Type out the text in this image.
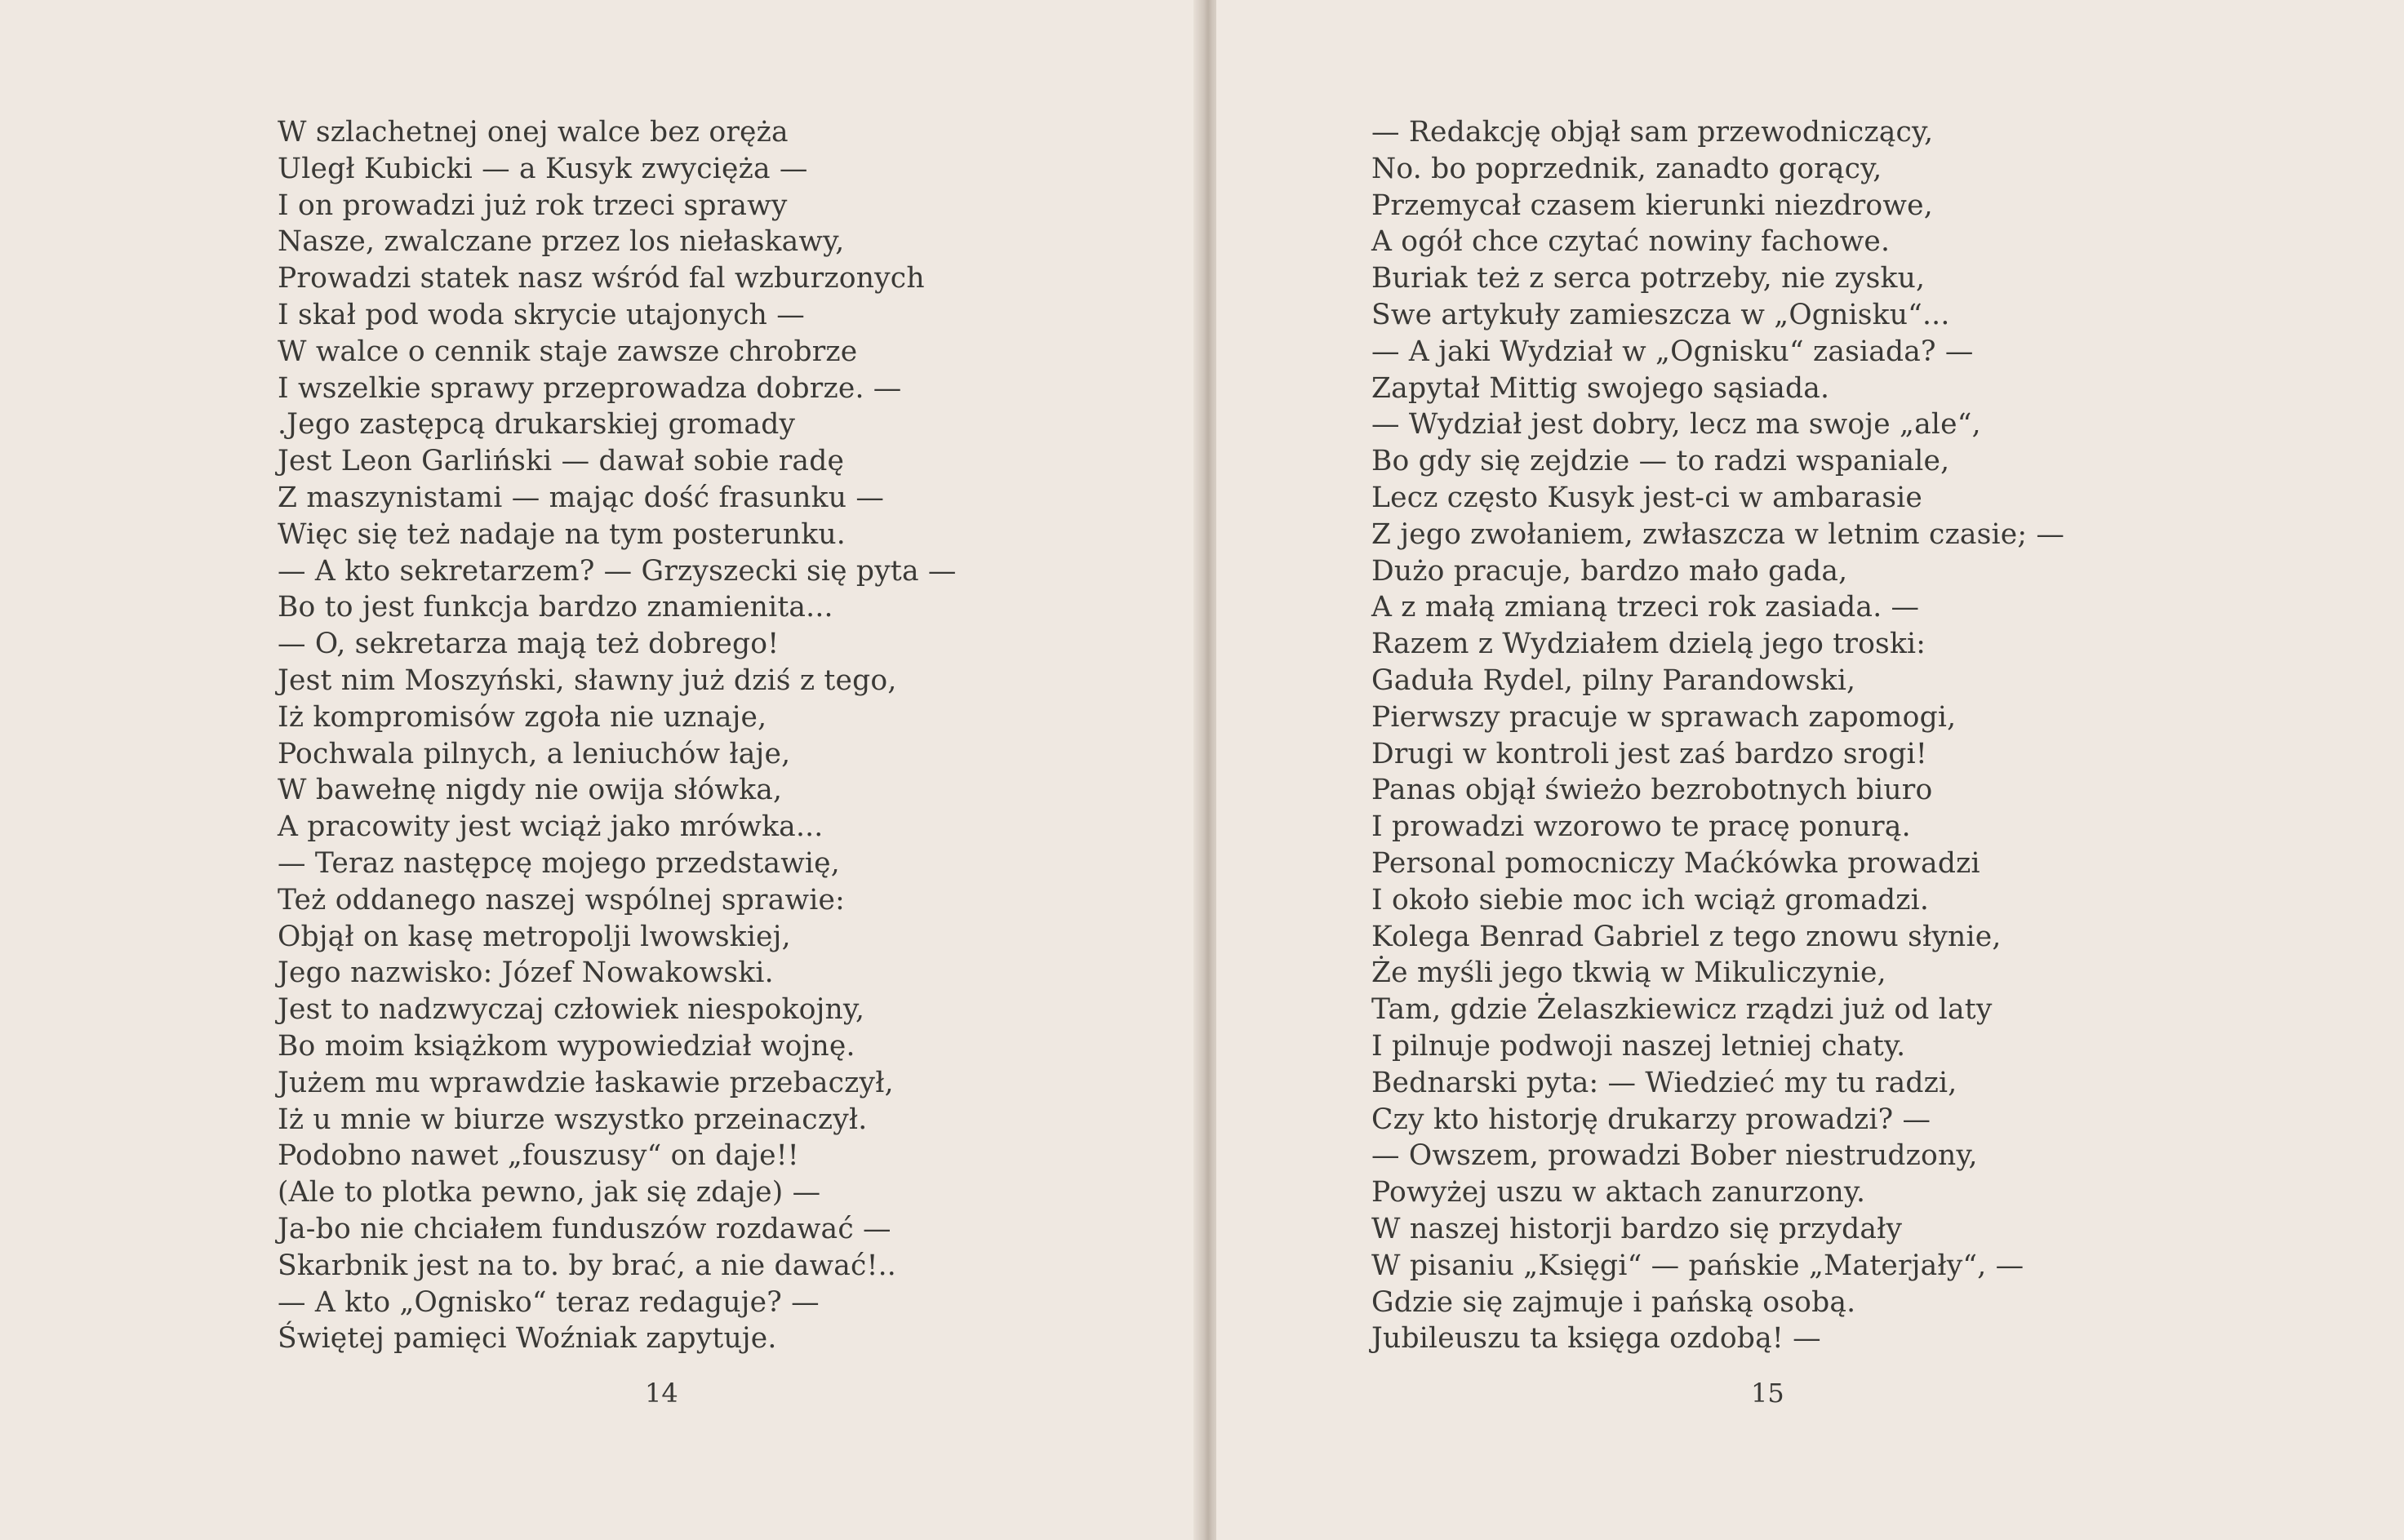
W szlachetnej onej walce bez oręża
Uległ Kubicki — a Kusyk zwycięża —
I on prowadzi już rok trzeci sprawy
Nasze, zwalczane przez los niełaskawy,
Prowadzi statek nasz wśród fal wzburzonych
I skał pod woda skrycie utajonych —
W walce o cennik staje zawsze chrobrze
I wszelkie sprawy przeprowadza dobrze. —
.Jego zastępcą drukarskiej gromady
Jest Leon Garliński — dawał sobie radę
Z maszynistami — mając dość frasunku —
Więc się też nadaje na tym posterunku.
— A kto sekretarzem? — Grzyszecki się pyta —
Bo to jest funkcja bardzo znamienita...
— O, sekretarza mają też dobrego!
Jest nim Moszyński, sławny już dziś z tego,
Iż kompromisów zgoła nie uznaje,
Pochwala pilnych, a leniuchów łaje,
W bawełnę nigdy nie owija słówka,
A pracowity jest wciąż jako mrówka...
— Teraz następcę mojego przedstawię,
Też oddanego naszej wspólnej sprawie:
Objął on kasę metropolji lwowskiej,
Jego nazwisko: Józef Nowakowski.
Jest to nadzwyczaj człowiek niespokojny,
Bo moim książkom wypowiedział wojnę.
Jużem mu wprawdzie łaskawie przebaczył,
Iż u mnie w biurze wszystko przeinaczył.
Podobno nawet „fouszusy“ on daje!!
(Ale to plotka pewno, jak się zdaje) —
Ja-bo nie chciałem funduszów rozdawać —
Skarbnik jest na to. by brać, a nie dawać!..
— A kto „Ognisko“ teraz redaguje? —
Świętej pamięci Woźniak zapytuje.
14
— Redakcję objął sam przewodniczący,
No. bo poprzednik, zanadto gorący,
Przemycał czasem kierunki niezdrowe,
A ogół chce czytać nowiny fachowe.
Buriak też z serca potrzeby, nie zysku,
Swe artykuły zamieszcza w „Ognisku“...
— A jaki Wydział w „Ognisku“ zasiada? —
Zapytał Mittig swojego sąsiada.
— Wydział jest dobry, lecz ma swoje „ale“,
Bo gdy się zejdzie — to radzi wspaniale,
Lecz często Kusyk jest-ci w ambarasie
Z jego zwołaniem, zwłaszcza w letnim czasie; —
Dużo pracuje, bardzo mało gada,
A z małą zmianą trzeci rok zasiada. —
Razem z Wydziałem dzielą jego troski:
Gaduła Rydel, pilny Parandowski,
Pierwszy pracuje w sprawach zapomogi,
Drugi w kontroli jest zaś bardzo srogi!
Panas objął świeżo bezrobotnych biuro
I prowadzi wzorowo te pracę ponurą.
Personal pomocniczy Maćkówka prowadzi
I około siebie moc ich wciąż gromadzi.
Kolega Benrad Gabriel z tego znowu słynie,
Że myśli jego tkwią w Mikuliczynie,
Tam, gdzie Żelaszkiewicz rządzi już od laty
I pilnuje podwoji naszej letniej chaty.
Bednarski pyta: — Wiedzieć my tu radzi,
Czy kto historję drukarzy prowadzi? —
— Owszem, prowadzi Bober niestrudzony,
Powyżej uszu w aktach zanurzony.
W naszej historji bardzo się przydały
W pisaniu „Księgi“ — pańskie „Materjały“, —
Gdzie się zajmuje i pańską osobą.
Jubileuszu ta księga ozdobą! —
15
